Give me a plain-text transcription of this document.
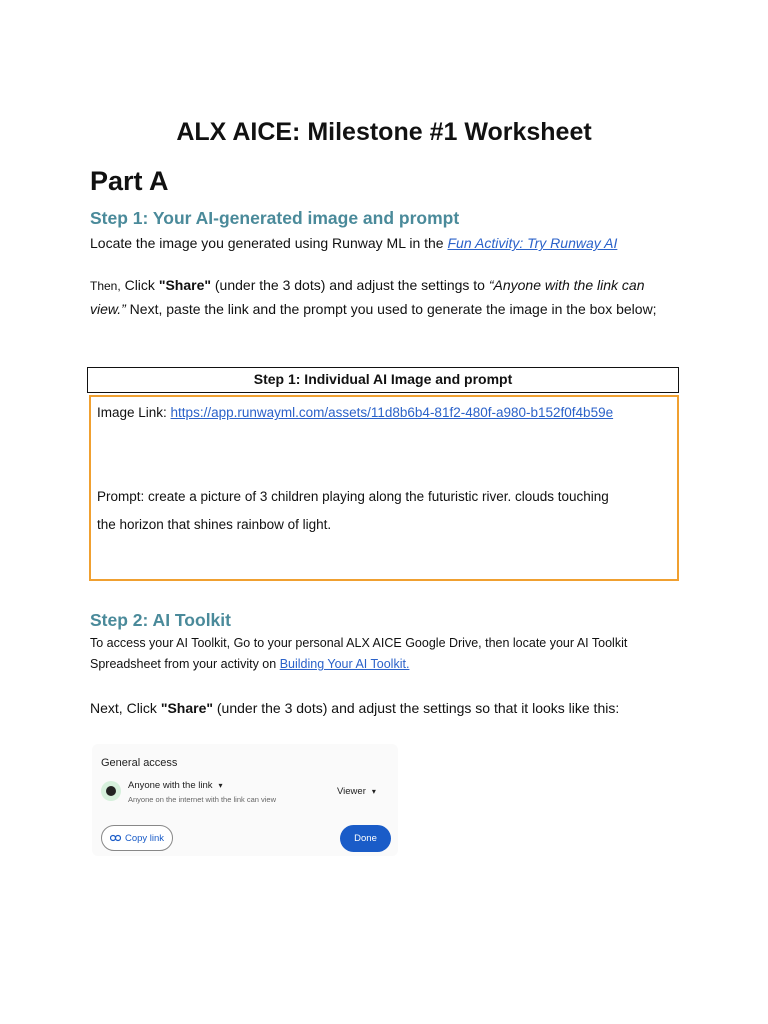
ALX AICE: Milestone #1 Worksheet
Part A
Step 1: Your AI-generated image and prompt
Locate the image you generated using Runway ML in the Fun Activity: Try Runway AI
Then, Click "Share" (under the 3 dots) and adjust the settings to “Anyone with the link can view.” Next, paste the link and the prompt you used to generate the image in the box below;
Step 1: Individual AI Image and prompt
Image Link: https://app.runwayml.com/assets/11d8b6b4-81f2-480f-a980-b152f0f4b59e
Prompt: create a picture of 3 children playing along the futuristic river. clouds touching
the horizon that shines rainbow of light.
Step 2: AI Toolkit
To access your AI Toolkit, Go to your personal ALX AICE Google Drive, then locate your AI Toolkit
Spreadsheet from your activity on Building Your AI Toolkit.
Next, Click "Share" (under the 3 dots) and adjust the settings so that it looks like this:
General access
Anyone with the link ▾
Anyone on the internet with the link can view
Viewer ▾
Copy link	Done
